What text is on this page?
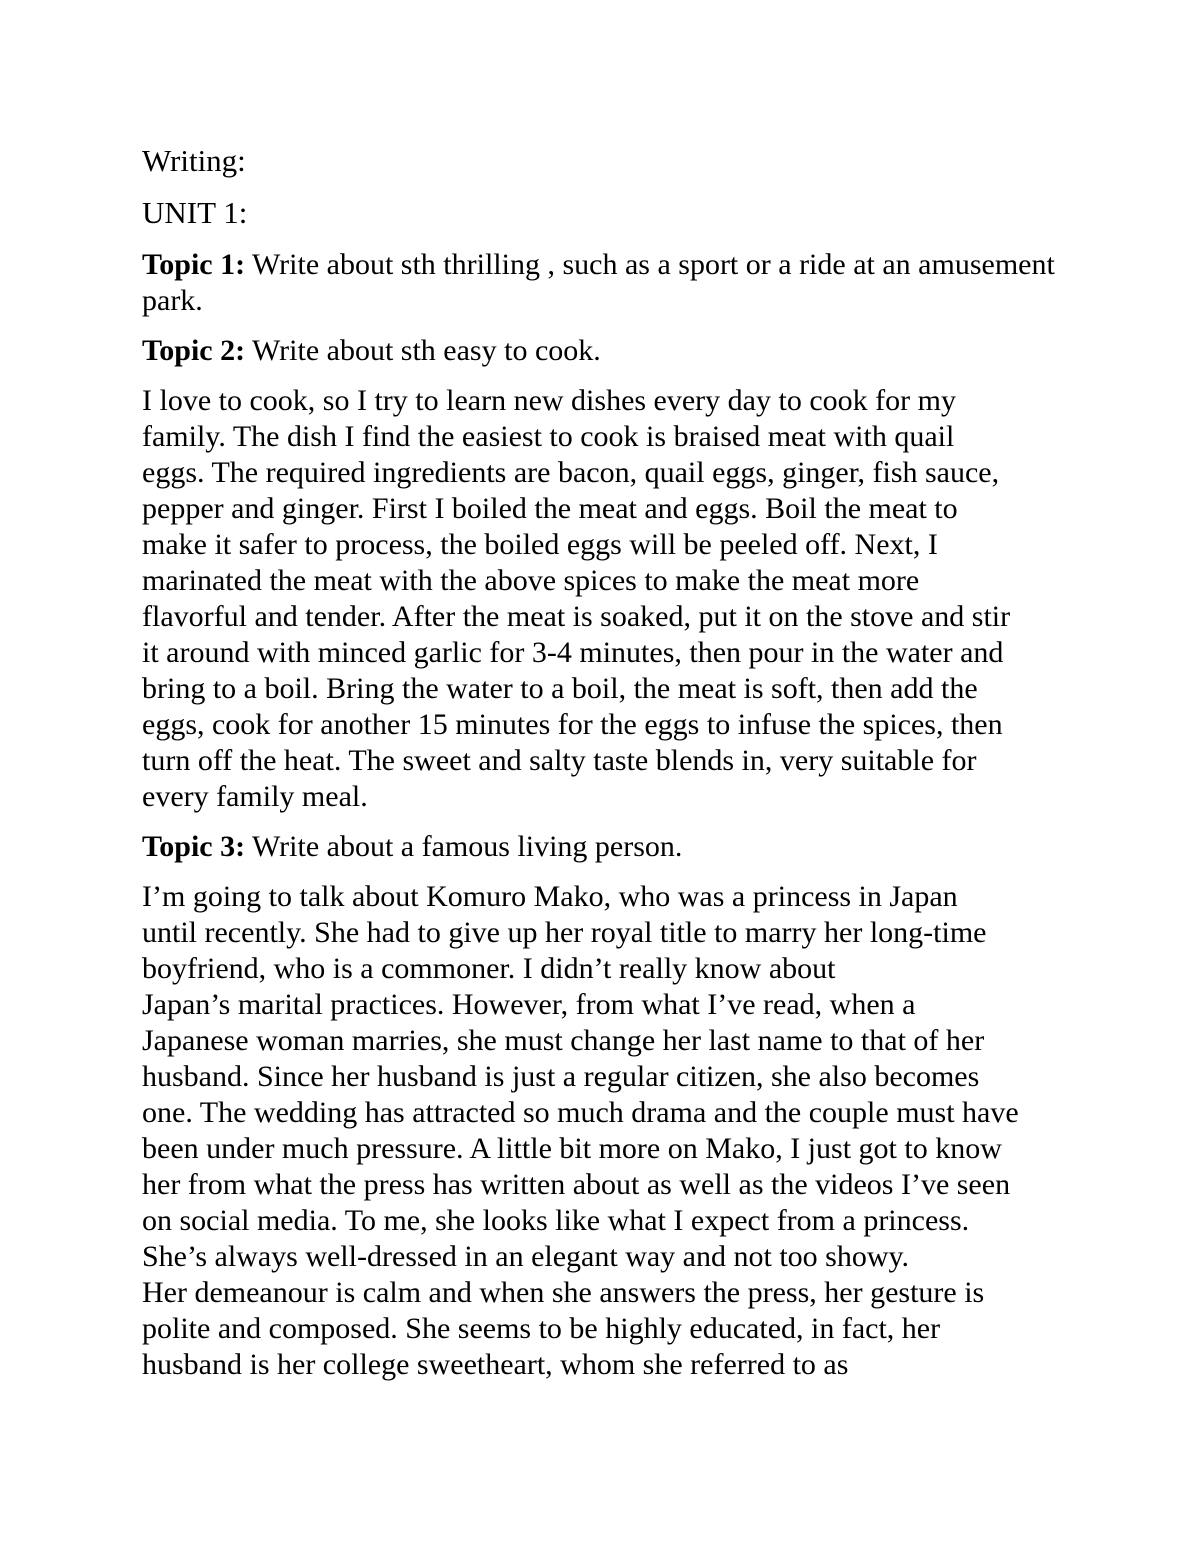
Writing:

UNIT 1:

Topic 1: Write about sth thrilling , such as a sport or a ride at an amusement park.

Topic 2: Write about sth easy to cook.

I love to cook, so I try to learn new dishes every day to cook for my
family. The dish I find the easiest to cook is braised meat with quail
eggs. The required ingredients are bacon, quail eggs, ginger, fish sauce,
pepper and ginger. First I boiled the meat and eggs. Boil the meat to
make it safer to process, the boiled eggs will be peeled off. Next, I
marinated the meat with the above spices to make the meat more
flavorful and tender. After the meat is soaked, put it on the stove and stir
it around with minced garlic for 3-4 minutes, then pour in the water and
bring to a boil. Bring the water to a boil, the meat is soft, then add the
eggs, cook for another 15 minutes for the eggs to infuse the spices, then
turn off the heat. The sweet and salty taste blends in, very suitable for
every family meal.

Topic 3: Write about a famous living person.

I’m going to talk about Komuro Mako, who was a princess in Japan
until recently. She had to give up her royal title to marry her long-time
boyfriend, who is a commoner. I didn’t really know about
Japan’s marital practices. However, from what I’ve read, when a
Japanese woman marries, she must change her last name to that of her
husband. Since her husband is just a regular citizen, she also becomes
one. The wedding has attracted so much drama and the couple must have
been under much pressure. A little bit more on Mako, I just got to know
her from what the press has written about as well as the videos I’ve seen
on social media. To me, she looks like what I expect from a princess.
She’s always well-dressed in an elegant way and not too showy.
Her demeanour is calm and when she answers the press, her gesture is
polite and composed. She seems to be highly educated, in fact, her
husband is her college sweetheart, whom she referred to as
